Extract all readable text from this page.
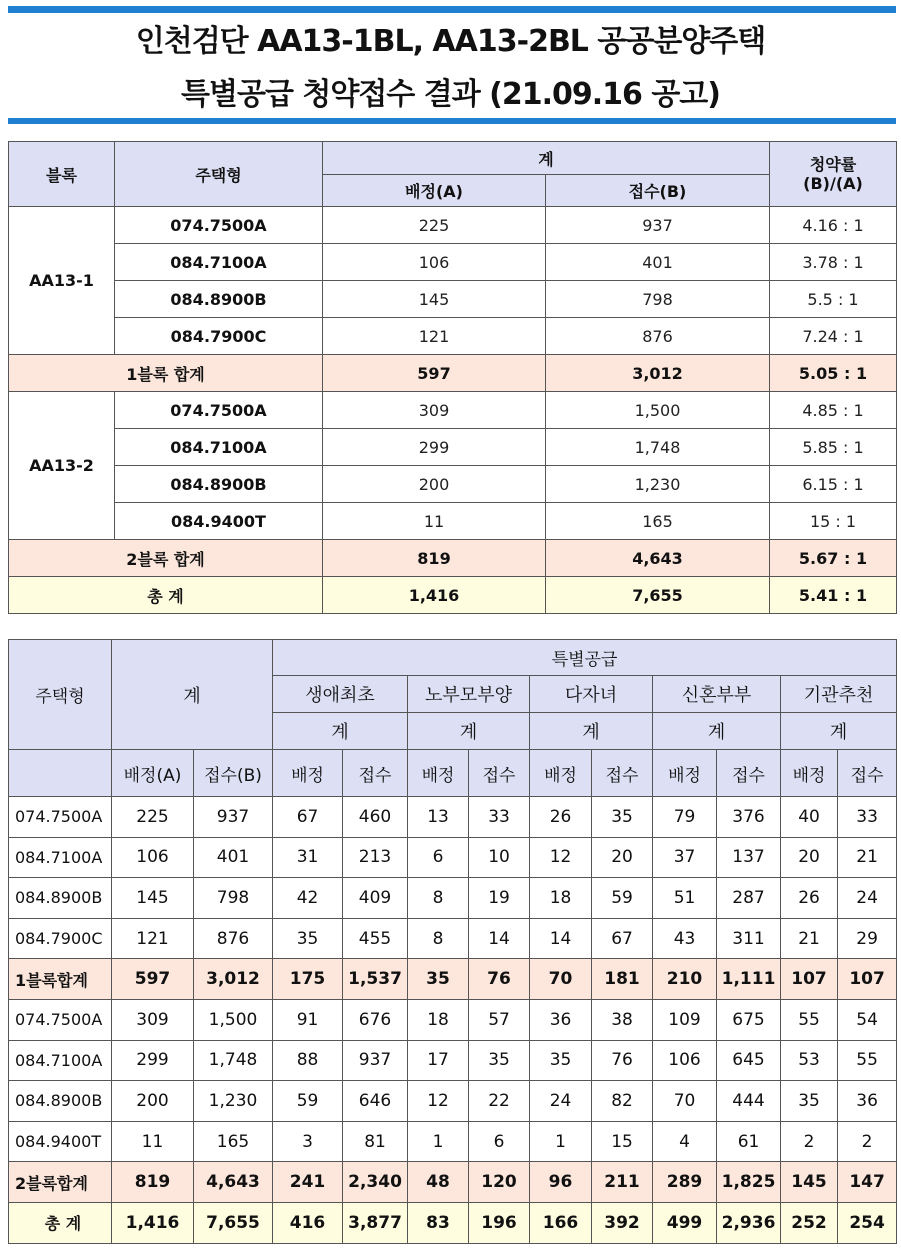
인천검단 AA13-1BL, AA13-2BL 공공분양주택
특별공급 청약접수 결과 (21.09.16 공고)
블록	주택형	계		청약률
(B)/(A)
		배정(A)	접수(B)	
AA13-1	074.7500A	225	937	4.16 : 1
	084.7100A	106	401	3.78 : 1
	084.8900B	145	798	5.5 : 1
	084.7900C	121	876	7.24 : 1
1블록 합계		597	3,012	5.05 : 1
AA13-2	074.7500A	309	1,500	4.85 : 1
	084.7100A	299	1,748	5.85 : 1
	084.8900B	200	1,230	6.15 : 1
	084.9400T	11	165	15 : 1
2블록 합계		819	4,643	5.67 : 1
총 계		1,416	7,655	5.41 : 1
주택형	계		특별공급									
			생애최초		노부모부양		다자녀		신혼부부		기관추천	
			계		계		계		계		계	
	배정(A)	접수(B)	배정	접수	배정	접수	배정	접수	배정	접수	배정	접수
074.7500A	225	937	67	460	13	33	26	35	79	376	40	33
084.7100A	106	401	31	213	6	10	12	20	37	137	20	21
084.8900B	145	798	42	409	8	19	18	59	51	287	26	24
084.7900C	121	876	35	455	8	14	14	67	43	311	21	29
1블록합계	597	3,012	175	1,537	35	76	70	181	210	1,111	107	107
074.7500A	309	1,500	91	676	18	57	36	38	109	675	55	54
084.7100A	299	1,748	88	937	17	35	35	76	106	645	53	55
084.8900B	200	1,230	59	646	12	22	24	82	70	444	35	36
084.9400T	11	165	3	81	1	6	1	15	4	61	2	2
2블록합계	819	4,643	241	2,340	48	120	96	211	289	1,825	145	147
총 계	1,416	7,655	416	3,877	83	196	166	392	499	2,936	252	254
